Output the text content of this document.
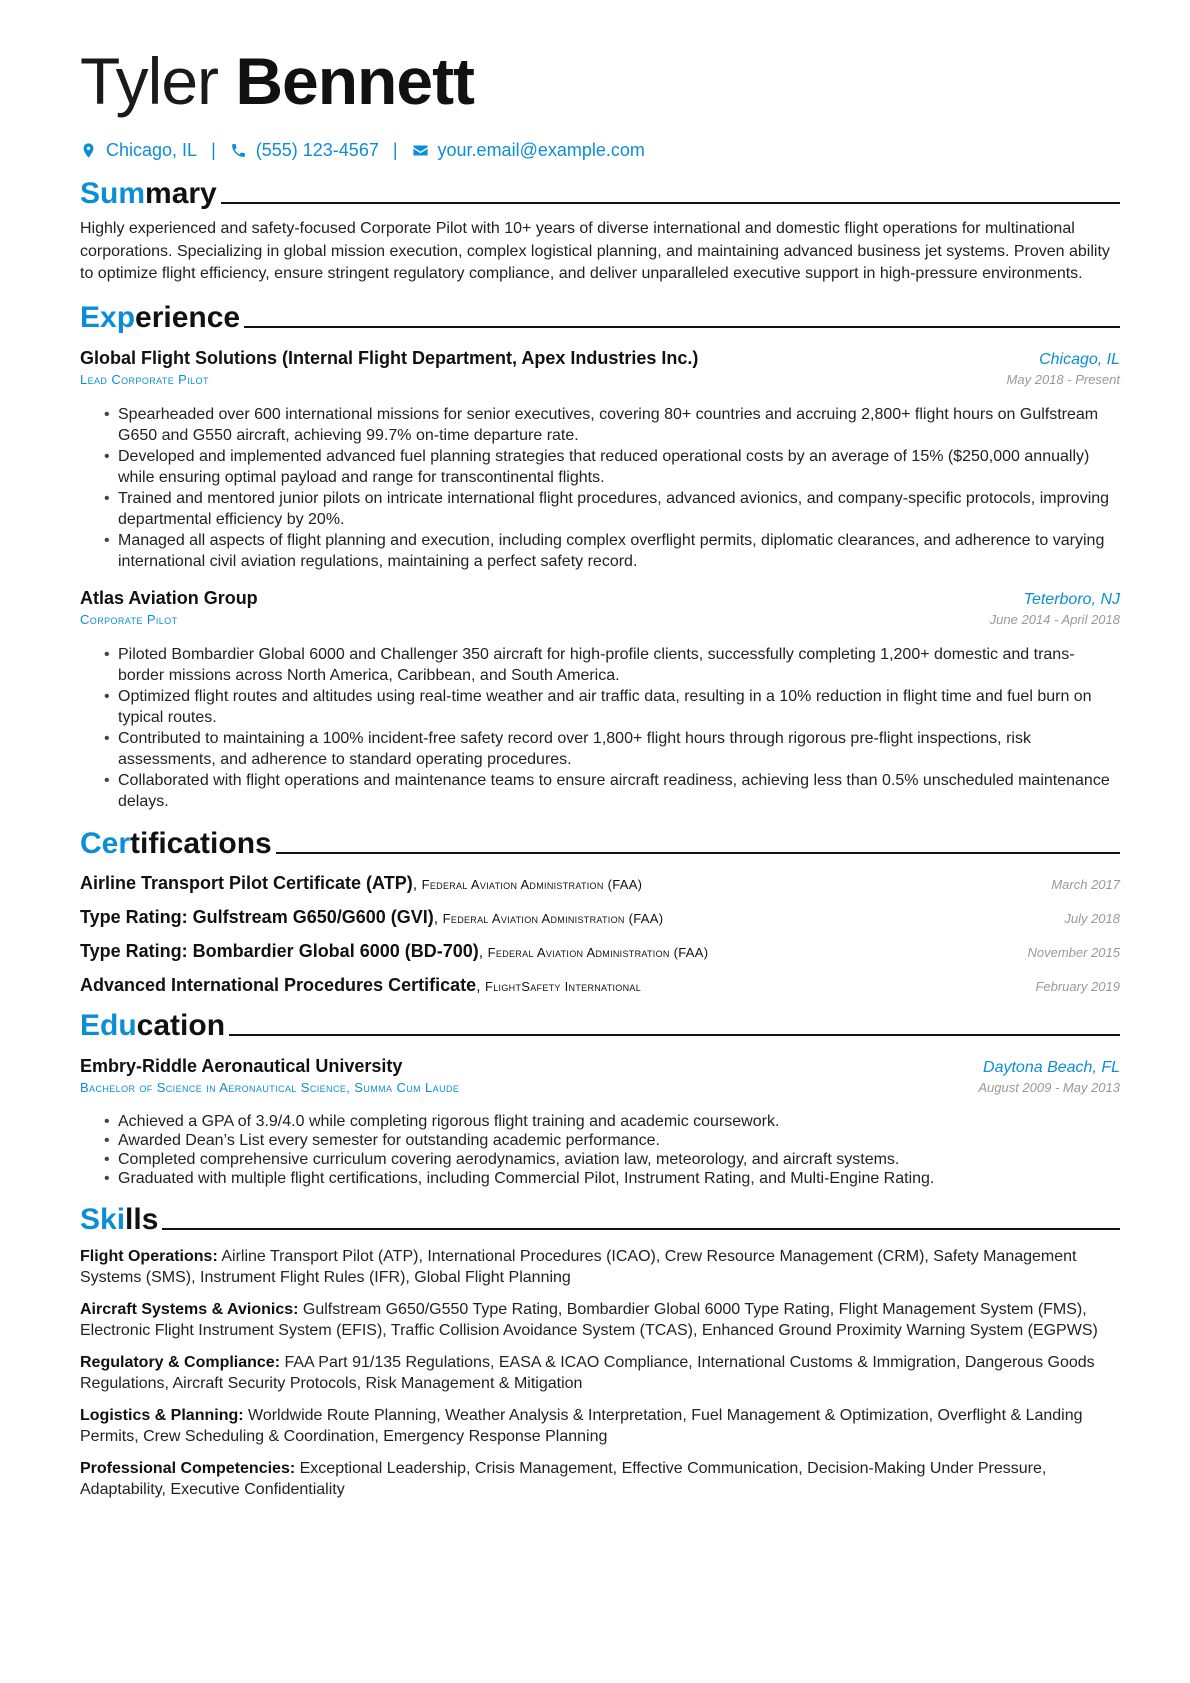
Tyler Bennett
Chicago, IL | (555) 123-4567 | your.email@example.com
Summary
Highly experienced and safety-focused Corporate Pilot with 10+ years of diverse international and domestic flight operations for multinational corporations. Specializing in global mission execution, complex logistical planning, and maintaining advanced business jet systems. Proven ability to optimize flight efficiency, ensure stringent regulatory compliance, and deliver unparalleled executive support in high-pressure environments.
Experience
Global Flight Solutions (Internal Flight Department, Apex Industries Inc.)	Chicago, IL
Lead Corporate Pilot	May 2018 - Present
• Spearheaded over 600 international missions for senior executives, covering 80+ countries and accruing 2,800+ flight hours on Gulfstream G650 and G550 aircraft, achieving 99.7% on-time departure rate.
• Developed and implemented advanced fuel planning strategies that reduced operational costs by an average of 15% ($250,000 annually) while ensuring optimal payload and range for transcontinental flights.
• Trained and mentored junior pilots on intricate international flight procedures, advanced avionics, and company-specific protocols, improving departmental efficiency by 20%.
• Managed all aspects of flight planning and execution, including complex overflight permits, diplomatic clearances, and adherence to varying international civil aviation regulations, maintaining a perfect safety record.
Atlas Aviation Group	Teterboro, NJ
Corporate Pilot	June 2014 - April 2018
• Piloted Bombardier Global 6000 and Challenger 350 aircraft for high-profile clients, successfully completing 1,200+ domestic and trans-border missions across North America, Caribbean, and South America.
• Optimized flight routes and altitudes using real-time weather and air traffic data, resulting in a 10% reduction in flight time and fuel burn on typical routes.
• Contributed to maintaining a 100% incident-free safety record over 1,800+ flight hours through rigorous pre-flight inspections, risk assessments, and adherence to standard operating procedures.
• Collaborated with flight operations and maintenance teams to ensure aircraft readiness, achieving less than 0.5% unscheduled maintenance delays.
Certifications
Airline Transport Pilot Certificate (ATP), Federal Aviation Administration (FAA)	March 2017
Type Rating: Gulfstream G650/G600 (GVI), Federal Aviation Administration (FAA)	July 2018
Type Rating: Bombardier Global 6000 (BD-700), Federal Aviation Administration (FAA)	November 2015
Advanced International Procedures Certificate, FlightSafety International	February 2019
Education
Embry-Riddle Aeronautical University	Daytona Beach, FL
Bachelor of Science in Aeronautical Science, Summa Cum Laude	August 2009 - May 2013
• Achieved a GPA of 3.9/4.0 while completing rigorous flight training and academic coursework.
• Awarded Dean’s List every semester for outstanding academic performance.
• Completed comprehensive curriculum covering aerodynamics, aviation law, meteorology, and aircraft systems.
• Graduated with multiple flight certifications, including Commercial Pilot, Instrument Rating, and Multi-Engine Rating.
Skills
Flight Operations: Airline Transport Pilot (ATP), International Procedures (ICAO), Crew Resource Management (CRM), Safety Management Systems (SMS), Instrument Flight Rules (IFR), Global Flight Planning
Aircraft Systems & Avionics: Gulfstream G650/G550 Type Rating, Bombardier Global 6000 Type Rating, Flight Management System (FMS), Electronic Flight Instrument System (EFIS), Traffic Collision Avoidance System (TCAS), Enhanced Ground Proximity Warning System (EGPWS)
Regulatory & Compliance: FAA Part 91/135 Regulations, EASA & ICAO Compliance, International Customs & Immigration, Dangerous Goods Regulations, Aircraft Security Protocols, Risk Management & Mitigation
Logistics & Planning: Worldwide Route Planning, Weather Analysis & Interpretation, Fuel Management & Optimization, Overflight & Landing Permits, Crew Scheduling & Coordination, Emergency Response Planning
Professional Competencies: Exceptional Leadership, Crisis Management, Effective Communication, Decision-Making Under Pressure, Adaptability, Executive Confidentiality
